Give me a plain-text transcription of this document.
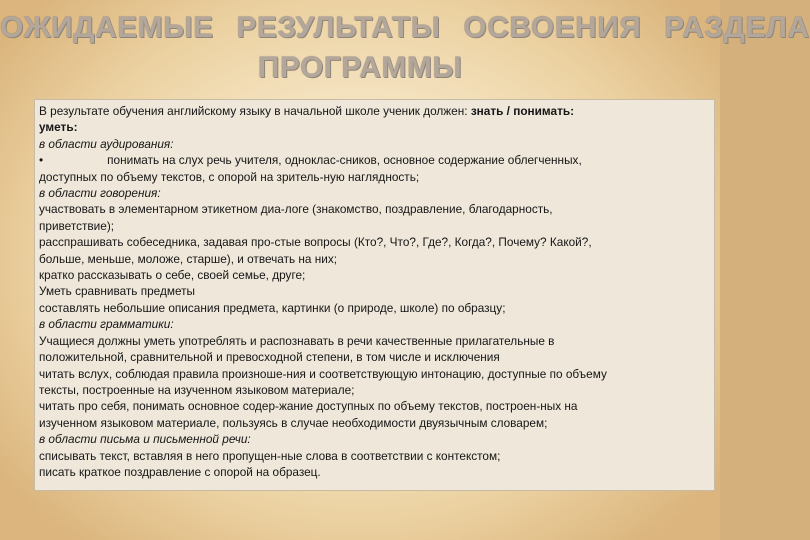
ОЖИДАЕМЫЕ РЕЗУЛЬТАТЫ ОСВОЕНИЯ РАЗДЕЛА
ПРОГРАММЫ

В результате обучения английскому языку в начальной школе ученик должен: знать / понимать:

уметь:

в области аудирования:

•	понимать на слух речь учителя, одноклас-сников, основное содержание облегченных,

доступных по объему текстов, с опорой на зритель-ную наглядность;

в области говорения:

участвовать в элементарном этикетном диа-логе (знакомство, поздравление, благодарность,

приветствие);

расспрашивать собеседника, задавая про-стые вопросы (Кто?, Что?, Где?, Когда?, Почему? Какой?,

больше, меньше, моложе, старше), и отвечать на них;

кратко рассказывать о себе, своей семье, друге;

Уметь сравнивать предметы

составлять небольшие описания предмета, картинки (о природе, школе) по образцу;

в области грамматики:

Учащиеся должны уметь употреблять и распознавать в речи качественные прилагательные в

положительной, сравнительной и превосходной степени, в том числе и исключения

читать вслух, соблюдая правила произноше-ния и соответствующую интонацию, доступные по объему

тексты, построенные на изученном языковом материале;

читать про себя, понимать основное содер-жание доступных по объему текстов, построен-ных на

изученном языковом материале, пользуясь в случае необходимости двуязычным словарем;

в области письма и письменной речи:

списывать текст, вставляя в него пропущен-ные слова в соответствии с контекстом;

писать краткое поздравление с опорой на образец.
